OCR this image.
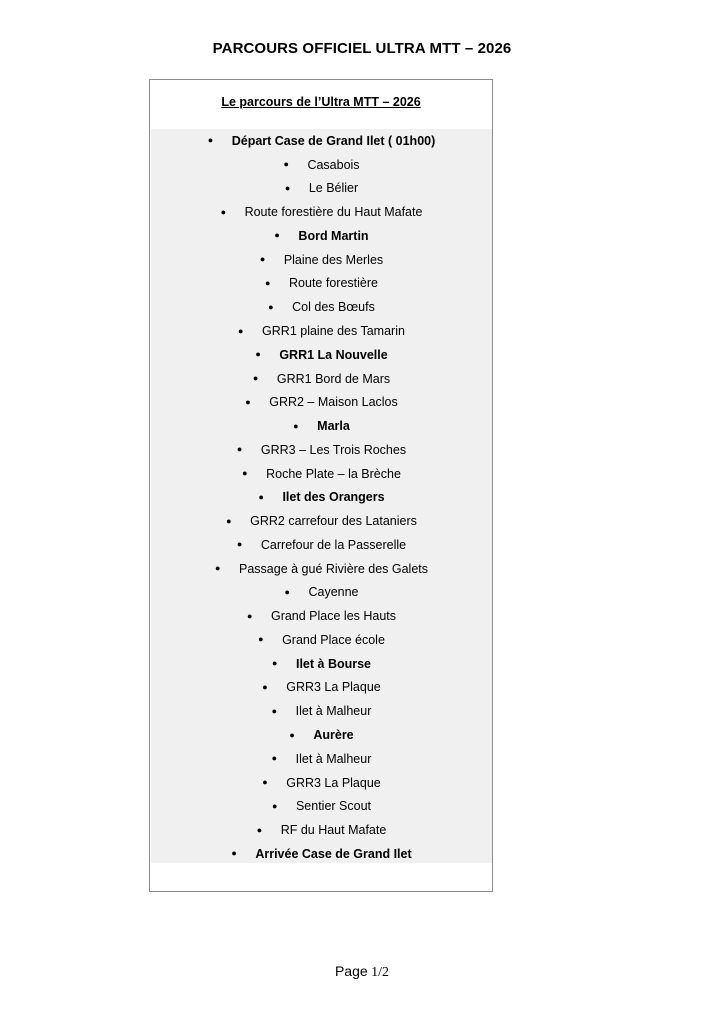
PARCOURS OFFICIEL ULTRA MTT – 2026
Le parcours de l’Ultra MTT – 2026
●	Départ Case de Grand Ilet ( 01h00)
●	Casabois
●	Le Bélier
●	Route forestière du Haut Mafate
●	Bord Martin
●	Plaine des Merles
●	Route forestière
●	Col des Bœufs
●	GRR1 plaine des Tamarin
●	GRR1 La Nouvelle
●	GRR1 Bord de Mars
●	GRR2 – Maison Laclos
●	Marla
●	GRR3 – Les Trois Roches
●	Roche Plate – la Brèche
●	Ilet des Orangers
●	GRR2 carrefour des Lataniers
●	Carrefour de la Passerelle
●	Passage à gué Rivière des Galets
●	Cayenne
●	Grand Place les Hauts
●	Grand Place école
●	Ilet à Bourse
●	GRR3 La Plaque
●	Ilet à Malheur
●	Aurère
●	Ilet à Malheur
●	GRR3 La Plaque
●	Sentier Scout
●	RF du Haut Mafate
●	Arrivée Case de Grand Ilet
Page 1/2
